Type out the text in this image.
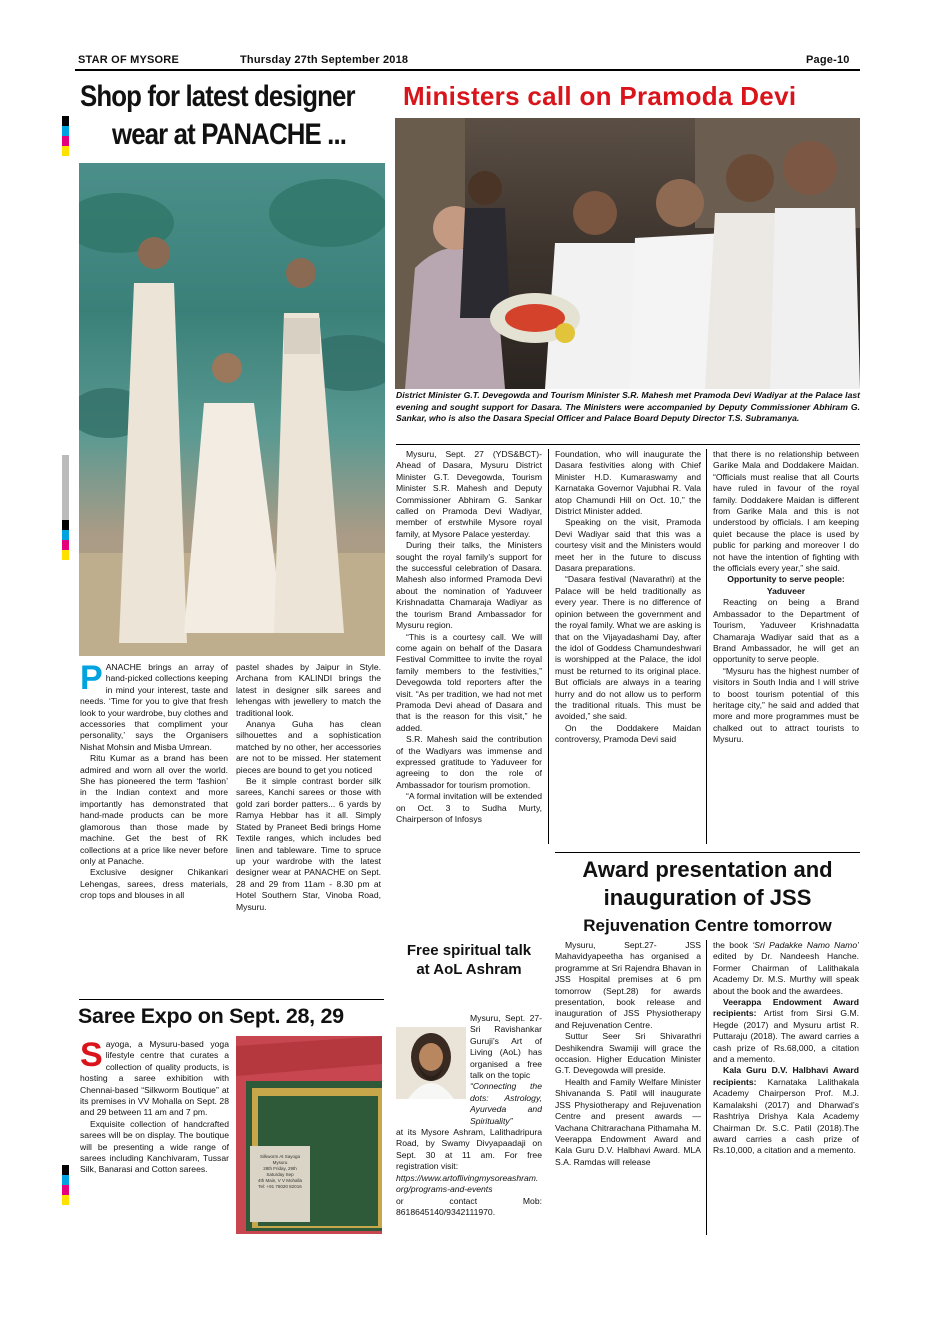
STAR OF MYSORE	Thursday 27th September 2018	Page-10
Shop for latest designer
wear at PANACHE ...
P ANACHE brings an array of hand-picked collections keeping in mind your interest, taste and needs. ‘Time for you to give that fresh look to your wardrobe, buy clothes and accessories that compliment your personality,’ says the Organisers Nishat Mohsin and Misba Umrean.

Ritu Kumar as a brand has been admired and worn all over the world. She has pioneered the term ‘fashion’ in the Indian context and more importantly has demonstrated that hand-made products can be more glamorous than those made by machine. Get the best of RK collections at a price like never before only at Panache.

Exclusive designer Chikankari Lehengas, sarees, dress materials, crop tops and blouses in all

pastel shades by Jaipur in Style. Archana from KALINDI brings the latest in designer silk sarees and lehengas with jewellery to match the traditional look.

Ananya Guha has clean silhouettes and a sophistication matched by no other, her accessories are not to be missed. Her statement pieces are bound to get you noticed

Be it simple contrast border silk sarees, Kanchi sarees or those with gold zari border patters... 6 yards by Ramya Hebbar has it all. Simply Stated by Praneet Bedi brings Home Textile ranges, which includes bed linen and tableware. Time to spruce up your wardrobe with the latest designer wear at PANACHE on Sept. 28 and 29 from 11am - 8.30 pm at Hotel Southern Star, Vinoba Road, Mysuru.

Saree Expo on Sept. 28, 29
S ayoga, a Mysuru-based yoga lifestyle centre that curates a collection of quality products, is hosting a saree exhibition with Chennai-based “Silkworm Boutique” at its premises in VV Mohalla on Sept. 28 and 29 between 11 am and 7 pm.

Exquisite collection of handcrafted sarees will be on display. The boutique will be presenting a wide range of sarees including Kanchivaram, Tussar Silk, Banarasi and Cotton sarees.

Silkworm At Sayoga
Mysuru
28th Friday, 29th Saturday Sep
4th Main, V V Mohalla
Tel: +91 76020 82016
Ministers call on Pramoda Devi
District Minister G.T. Devegowda and Tourism Minister S.R. Mahesh met Pramoda Devi Wadiyar at the Palace last evening and sought support for Dasara. The Ministers were accompanied by Deputy Commissioner Abhiram G. Sankar, who is also the Dasara Special Officer and Palace Board Deputy Director T.S. Subramanya.

Mysuru, Sept. 27 (YDS&BCT)- Ahead of Dasara, Mysuru District Minister G.T. Devegowda, Tourism Minister S.R. Mahesh and Deputy Commissioner Abhiram G. Sankar called on Pramoda Devi Wadiyar, member of erstwhile Mysore royal family, at Mysore Palace yesterday.

During their talks, the Ministers sought the royal family’s support for the successful celebration of Dasara. Mahesh also informed Pramoda Devi about the nomination of Yaduveer Krishnadatta Chamaraja Wadiyar as the tourism Brand Ambassador for Mysuru region.

“This is a courtesy call. We will come again on behalf of the Dasara Festival Committee to invite the royal family members to the festivities,” Devegowda told reporters after the visit. “As per tradition, we had not met Pramoda Devi ahead of Dasara and that is the reason for this visit,” he added.

S.R. Mahesh said the contribution of the Wadiyars was immense and expressed gratitude to Yaduveer for agreeing to don the role of Ambassador for tourism promotion.

“A formal invitation will be extended on Oct. 3 to Sudha Murty, Chairperson of Infosys

Foundation, who will inaugurate the Dasara festivities along with Chief Minister H.D. Kumaraswamy and Karnataka Governor Vajubhai R. Vala atop Chamundi Hill on Oct. 10,” the District Minister added.

Speaking on the visit, Pramoda Devi Wadiyar said that this was a courtesy visit and the Ministers would meet her in the future to discuss Dasara preparations.

“Dasara festival (Navarathri) at the Palace will be held traditionally as every year. There is no difference of opinion between the government and the royal family. What we are asking is that on the Vijayadashami Day, after the idol of Goddess Chamundeshwari is worshipped at the Palace, the idol must be returned to its original place. But officials are always in a tearing hurry and do not allow us to perform the traditional rituals. This must be avoided,” she said.

On the Doddakere Maidan controversy, Pramoda Devi said

that there is no relationship between Garike Mala and Doddakere Maidan. “Officials must realise that all Courts have ruled in favour of the royal family. Doddakere Maidan is different from Garike Mala and this is not understood by officials. I am keeping quiet because the place is used by public for parking and moreover I do not have the intention of fighting with the officials every year,” she said.

Opportunity to serve people: Yaduveer

Reacting on being a Brand Ambassador to the Department of Tourism, Yaduveer Krishnadatta Chamaraja Wadiyar said that as a Brand Ambassador, he will get an opportunity to serve people.

“Mysuru has the highest number of visitors in South India and I will strive to boost tourism potential of this heritage city,” he said and added that more and more programmes must be chalked out to attract tourists to Mysuru.

Free spiritual talk
at AoL Ashram

Mysuru, Sept. 27- Sri Ravishankar Guruji’s Art of Living (AoL) has organised a free talk on the topic

“Connecting the dots: Astrology, Ayurveda and Spirituality”

at its Mysore Ashram, Lalithadripura Road, by Swamy Divyapaadaji on Sept. 30 at 11 am. For free registration visit:

https://www.artoflivingmysoreashram.org/programs-and-events

or contact Mob: 8618645140/9342111970.

Award presentation and
inauguration of JSS
Rejuvenation Centre tomorrow

Mysuru, Sept.27- JSS Mahavidyapeetha has organised a programme at Sri Rajendra Bhavan in JSS Hospital premises at 6 pm tomorrow (Sept.28) for awards presentation, book release and inauguration of JSS Physiotherapy and Rejuvenation Centre.

Suttur Seer Sri Shivarathri Deshikendra Swamiji will grace the occasion. Higher Education Minister G.T. Devegowda will preside.

Health and Family Welfare Minister Shivananda S. Patil will inaugurate JSS Physiotherapy and Rejuvenation Centre and present awards — Vachana Chitrarachana Pithamaha M. Veerappa Endowment Award and Kala Guru D.V. Halbhavi Award. MLA S.A. Ramdas will release

the book ‘Sri Padakke Namo Namo’ edited by Dr. Nandeesh Hanche. Former Chairman of Lalithakala Academy Dr. M.S. Murthy will speak about the book and the awardees.

Veerappa Endowment Award recipients: Artist from Sirsi G.M. Hegde (2017) and Mysuru artist R. Puttaraju (2018). The award carries a cash prize of Rs.68,000, a citation and a memento.

Kala Guru D.V. Halbhavi Award recipients: Karnataka Lalithakala Academy Chairperson Prof. M.J. Kamalakshi (2017) and Dharwad’s Rashtriya Drishya Kala Academy Chairman Dr. S.C. Patil (2018).The award carries a cash prize of Rs.10,000, a citation and a memento.
